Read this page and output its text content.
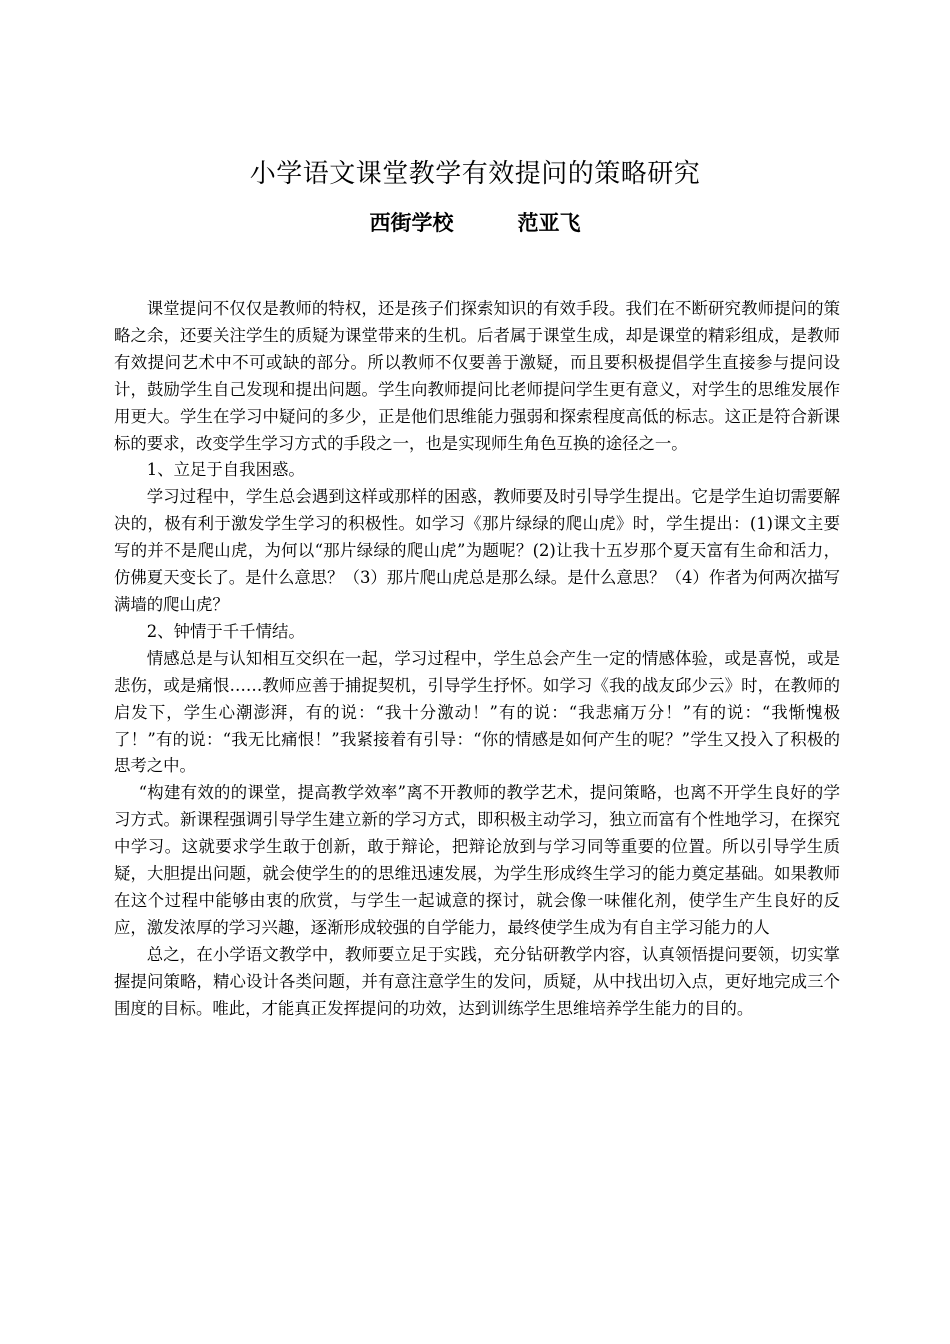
小学语文课堂教学有效提问的策略研究
西街学校	范亚飞

课堂提问不仅仅是教师的特权，还是孩子们探索知识的有效手段。我们在不断研究教师提问的策略之余，还要关注学生的质疑为课堂带来的生机。后者属于课堂生成，却是课堂的精彩组成，是教师有效提问艺术中不可或缺的部分。所以教师不仅要善于激疑，而且要积极提倡学生直接参与提问设计，鼓励学生自己发现和提出问题。学生向教师提问比老师提问学生更有意义，对学生的思维发展作用更大。学生在学习中疑问的多少，正是他们思维能力强弱和探索程度高低的标志。这正是符合新课标的要求，改变学生学习方式的手段之一，也是实现师生角色互换的途径之一。

1、立足于自我困惑。

学习过程中，学生总会遇到这样或那样的困惑，教师要及时引导学生提出。它是学生迫切需要解决的，极有利于激发学生学习的积极性。如学习《那片绿绿的爬山虎》时，学生提出：(1)课文主要写的并不是爬山虎，为何以“那片绿绿的爬山虎”为题呢？(2)让我十五岁那个夏天富有生命和活力，仿佛夏天变长了。是什么意思？（3）那片爬山虎总是那么绿。是什么意思？（4）作者为何两次描写满墙的爬山虎？

2、钟情于千千情结。

情感总是与认知相互交织在一起，学习过程中，学生总会产生一定的情感体验，或是喜悦，或是悲伤，或是痛恨……教师应善于捕捉契机，引导学生抒怀。如学习《我的战友邱少云》时，在教师的启发下，学生心潮澎湃，有的说：“我十分激动！”有的说：“我悲痛万分！”有的说：“我惭愧极了！”有的说：“我无比痛恨！”我紧接着有引导：“你的情感是如何产生的呢？”学生又投入了积极的思考之中。

“构建有效的的课堂，提高教学效率”离不开教师的教学艺术，提问策略，也离不开学生良好的学习方式。新课程强调引导学生建立新的学习方式，即积极主动学习，独立而富有个性地学习，在探究中学习。这就要求学生敢于创新，敢于辩论，把辩论放到与学习同等重要的位置。所以引导学生质疑，大胆提出问题，就会使学生的的思维迅速发展，为学生形成终生学习的能力奠定基础。如果教师在这个过程中能够由衷的欣赏，与学生一起诚意的探讨，就会像一味催化剂，使学生产生良好的反应，激发浓厚的学习兴趣，逐渐形成较强的自学能力，最终使学生成为有自主学习能力的人

总之，在小学语文教学中，教师要立足于实践，充分钻研教学内容，认真领悟提问要领，切实掌握提问策略，精心设计各类问题，并有意注意学生的发问，质疑，从中找出切入点，更好地完成三个围度的目标。唯此，才能真正发挥提问的功效，达到训练学生思维培养学生能力的目的。
